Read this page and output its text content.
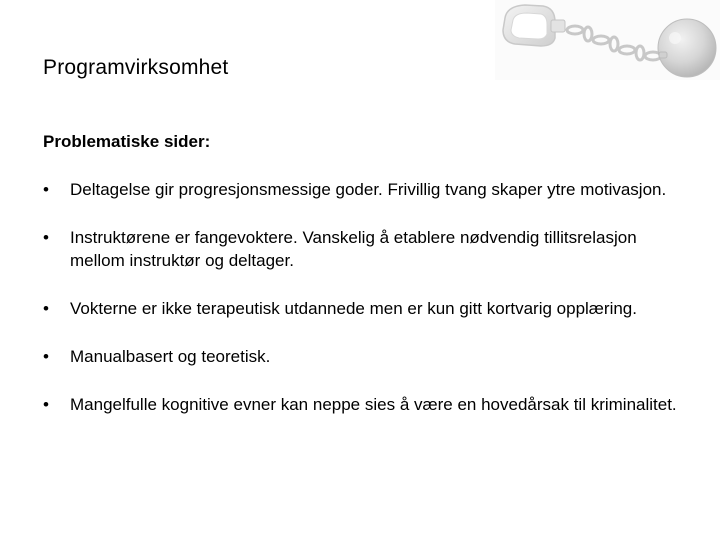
Programvirksomhet
Problematiske sider:
• Deltagelse gir progresjonsmessige goder. Frivillig tvang skaper ytre motivasjon.
• Instruktørene er fangevoktere. Vanskelig å etablere nødvendig tillitsrelasjon mellom instruktør og deltager.
• Vokterne er ikke terapeutisk utdannede men er kun gitt kortvarig opplæring.
• Manualbasert og teoretisk.
• Mangelfulle kognitive evner kan neppe sies å være en hovedårsak til kriminalitet.
